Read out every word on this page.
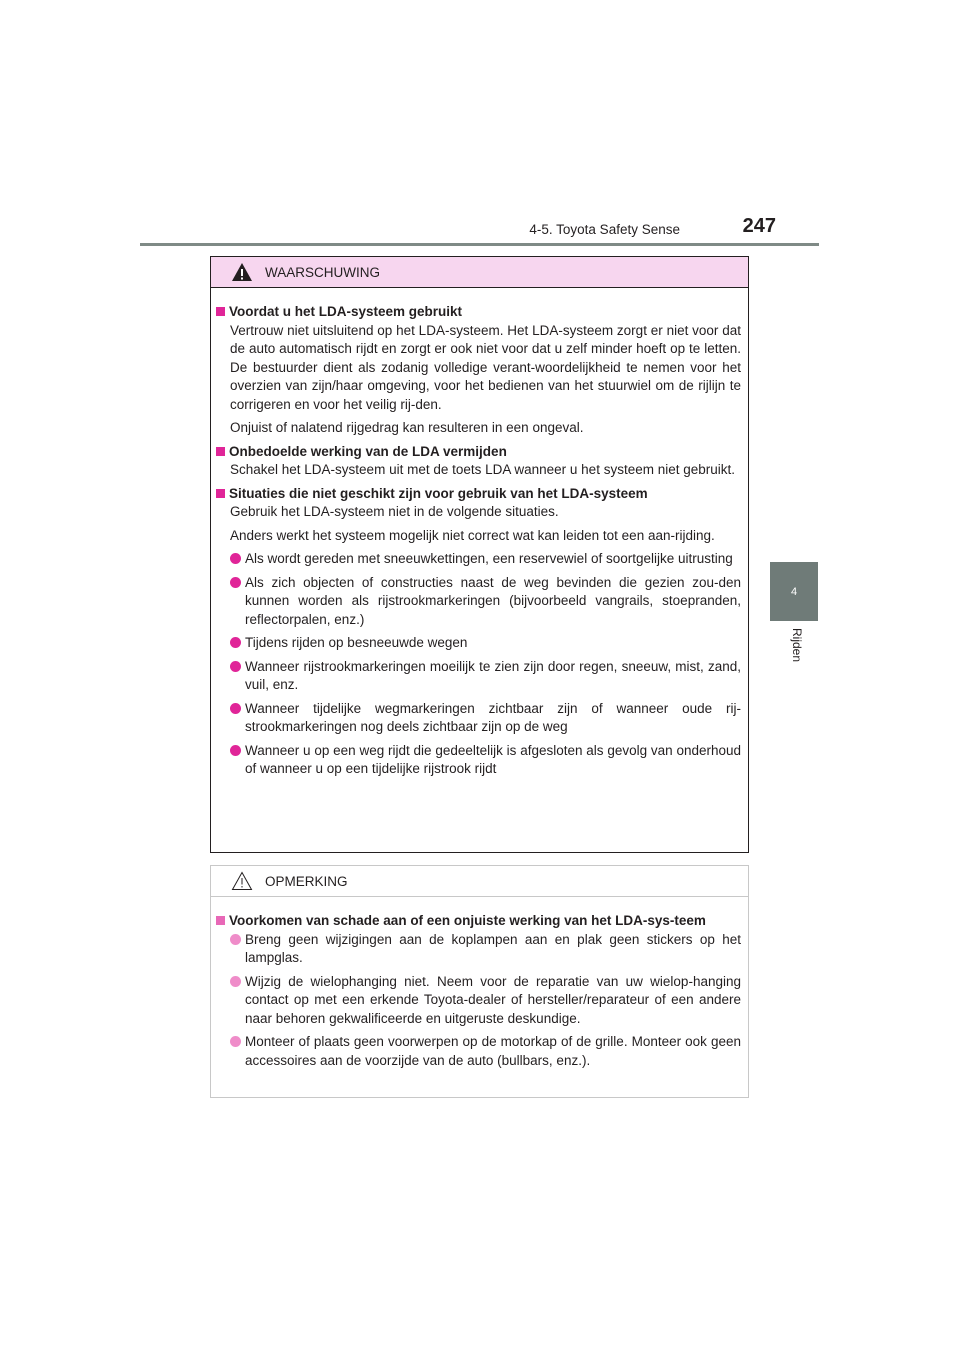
4-5. Toyota Safety Sense	247
4
Rijden
WAARSCHUWING
Voordat u het LDA-systeem gebruikt

Vertrouw niet uitsluitend op het LDA-systeem. Het LDA-systeem zorgt er niet voor dat de auto automatisch rijdt en zorgt er ook niet voor dat u zelf minder hoeft op te letten. De bestuurder dient als zodanig volledige verant-woordelijkheid te nemen voor het overzien van zijn/haar omgeving, voor het bedienen van het stuurwiel om de rijlijn te corrigeren en voor het veilig rij-den.

Onjuist of nalatend rijgedrag kan resulteren in een ongeval.

Onbedoelde werking van de LDA vermijden

Schakel het LDA-systeem uit met de toets LDA wanneer u het systeem niet gebruikt.

Situaties die niet geschikt zijn voor gebruik van het LDA-systeem

Gebruik het LDA-systeem niet in de volgende situaties.

Anders werkt het systeem mogelijk niet correct wat kan leiden tot een aan-rijding.

Als wordt gereden met sneeuwkettingen, een reservewiel of soortgelijke uitrusting
Als zich objecten of constructies naast de weg bevinden die gezien zou-den kunnen worden als rijstrookmarkeringen (bijvoorbeeld vangrails, stoepranden, reflectorpalen, enz.)
Tijdens rijden op besneeuwde wegen
Wanneer rijstrookmarkeringen moeilijk te zien zijn door regen, sneeuw, mist, zand, vuil, enz.
Wanneer tijdelijke wegmarkeringen zichtbaar zijn of wanneer oude rij-strookmarkeringen nog deels zichtbaar zijn op de weg
Wanneer u op een weg rijdt die gedeeltelijk is afgesloten als gevolg van onderhoud of wanneer u op een tijdelijke rijstrook rijdt
OPMERKING
Voorkomen van schade aan of een onjuiste werking van het LDA-sys-teem
Breng geen wijzigingen aan de koplampen aan en plak geen stickers op het lampglas.
Wijzig de wielophanging niet. Neem voor de reparatie van uw wielop-hanging contact op met een erkende Toyota-dealer of hersteller/reparateur of een andere naar behoren gekwalificeerde en uitgeruste deskundige.
Monteer of plaats geen voorwerpen op de motorkap of de grille. Monteer ook geen accessoires aan de voorzijde van de auto (bullbars, enz.).
